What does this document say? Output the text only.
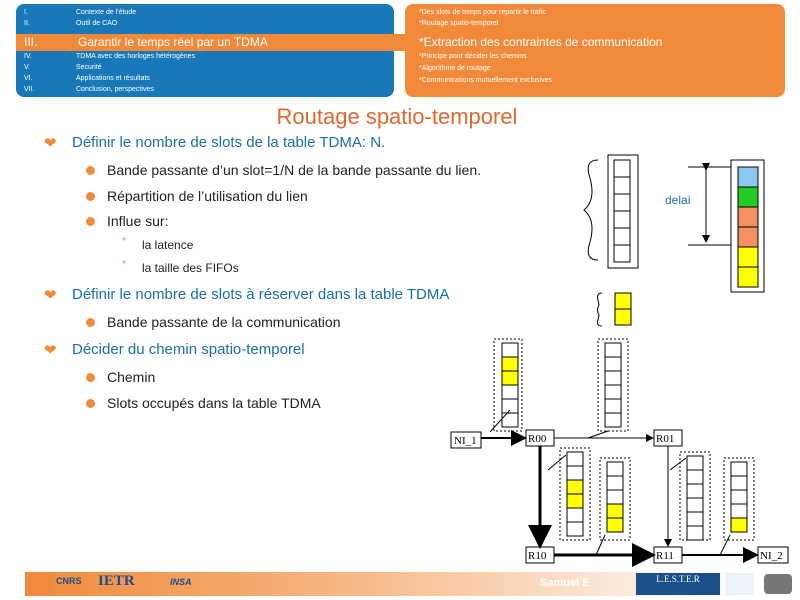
I.	Contexte de l'étude
II.	Outil de CAO
III.	Garantir le temps réel par un TDMA
IV.	TDMA avec des horloges hétérogènes
V.	Securité
VI.	Applications et résultats
VII.	Conclusion, perspectives
*Des slots de temps pour repartir le trafic
*Routage spatio-temporel
*Extraction des contraintes de communication
*Principe pour décider les chemins
*Algorithme de routage
*Communications mutuellement exclusives
Routage spatio-temporel
❤ Définir le nombre de slots de la table TDMA: N.
Bande passante d’un slot=1/N de la bande passante du lien.
Répartition de l’utilisation du lien
Influe sur:
* la latence
* la taille des FIFOs
❤ Définir le nombre de slots à réserver dans la table TDMA
Bande passante de la communication
❤ Décider du chemin spatio-temporel
Chemin
Slots occupés dans la table TDMA
delai
NI_1	R00	R01
R10	R11	NI_2
CNRS IETR	INSA	Samuel E	L.E.S.T.E.R
